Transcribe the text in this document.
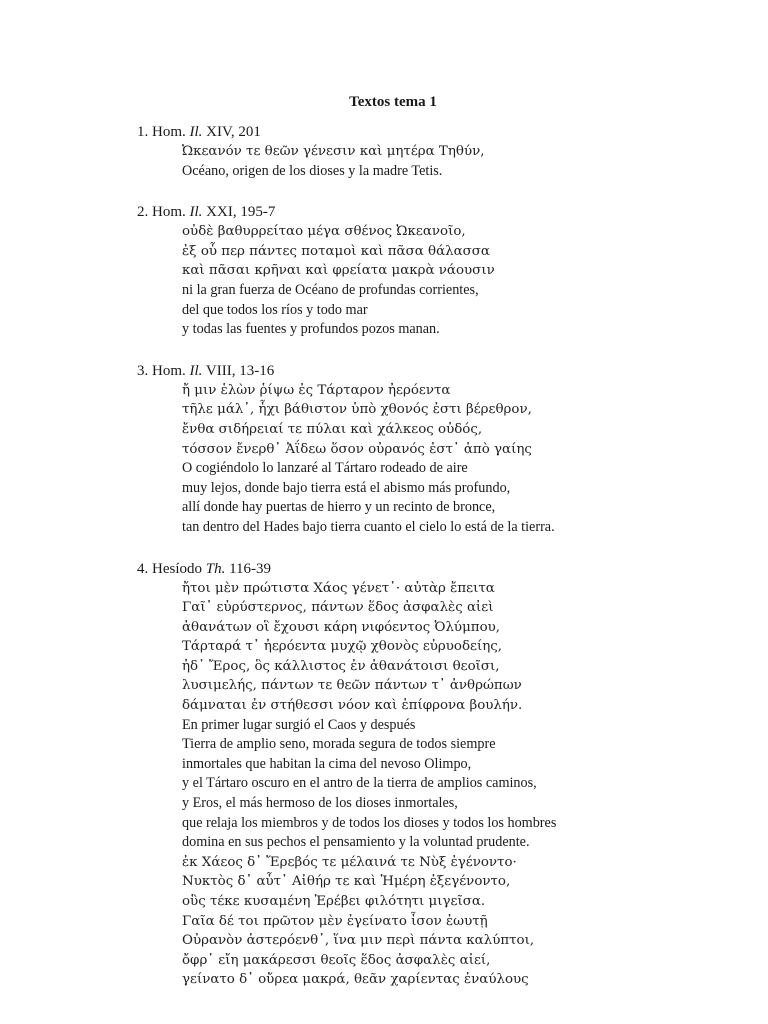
Textos tema 1
1. Hom. Il. XIV, 201
Ὠκεανόν τε θεῶν γένεσιν καὶ μητέρα Τηθύν,
Océano, origen de los dioses y la madre Tetis.
2. Hom. Il. XXI, 195-7
οὐδὲ βαθυρρείταο μέγα σθένος Ὠκεανοῖο,
ἐξ οὗ περ πάντες ποταμοὶ καὶ πᾶσα θάλασσα
καὶ πᾶσαι κρῆναι καὶ φρείατα μακρὰ νάουσιν
ni la gran fuerza de Océano de profundas corrientes,
del que todos los ríos y todo mar
y todas las fuentes y profundos pozos manan.
3. Hom. Il. VIII, 13-16
ἤ μιν ἑλὼν ῥίψω ἐς Τάρταρον ἠερόεντα
τῆλε μάλ᾽, ἧχι βάθιστον ὑπὸ χθονός ἐστι βέρεθρον,
ἔνθα σιδήρειαί τε πύλαι καὶ χάλκεος οὐδός,
τόσσον ἔνερθ᾽ Ἀΐδεω ὅσον οὐρανός ἐστ᾽ ἀπὸ γαίης
O cogiéndolo lo lanzaré al Tártaro rodeado de aire
muy lejos, donde bajo tierra está el abismo más profundo,
allí donde hay puertas de hierro y un recinto de bronce,
tan dentro del Hades bajo tierra cuanto el cielo lo está de la tierra.
4. Hesíodo Th. 116-39
ἤτοι μὲν πρώτιστα Χάος γένετ᾽· αὐτὰρ ἔπειτα
Γαῖ᾽ εὐρύστερνος, πάντων ἕδος ἀσφαλὲς αἰεὶ
ἀθανάτων οἳ ἔχουσι κάρη νιφόεντος Ὀλύμπου,
Τάρταρά τ᾽ ἠερόεντα μυχῷ χθονὸς εὐρυοδείης,
ἠδ᾽ Ἔρος, ὃς κάλλιστος ἐν ἀθανάτοισι θεοῖσι,
λυσιμελής, πάντων τε θεῶν πάντων τ᾽ ἀνθρώπων
δάμναται ἐν στήθεσσι νόον καὶ ἐπίφρονα βουλήν.
En primer lugar surgió el Caos y después
Tierra de amplio seno, morada segura de todos siempre
inmortales que habitan la cima del nevoso Olimpo,
y el Tártaro oscuro en el antro de la tierra de amplios caminos,
y Eros, el más hermoso de los dioses inmortales,
que relaja los miembros y de todos los dioses y todos los hombres
domina en sus pechos el pensamiento y la voluntad prudente.
ἐκ Χάεος δ᾽ Ἔρεβός τε μέλαινά τε Νὺξ ἐγένοντο·
Νυκτὸς δ᾽ αὖτ᾽ Αἰθήρ τε καὶ Ἡμέρη ἐξεγένοντο,
οὓς τέκε κυσαμένη Ἐρέβει φιλότητι μιγεῖσα.
Γαῖα δέ τοι πρῶτον μὲν ἐγείνατο ἶσον ἑωυτῇ
Οὐρανὸν ἀστερόενθ᾽, ἵνα μιν περὶ πάντα καλύπτοι,
ὄφρ᾽ εἴη μακάρεσσι θεοῖς ἕδος ἀσφαλὲς αἰεί,
γείνατο δ᾽ οὔρεα μακρά, θεᾶν χαρίεντας ἐναύλους
